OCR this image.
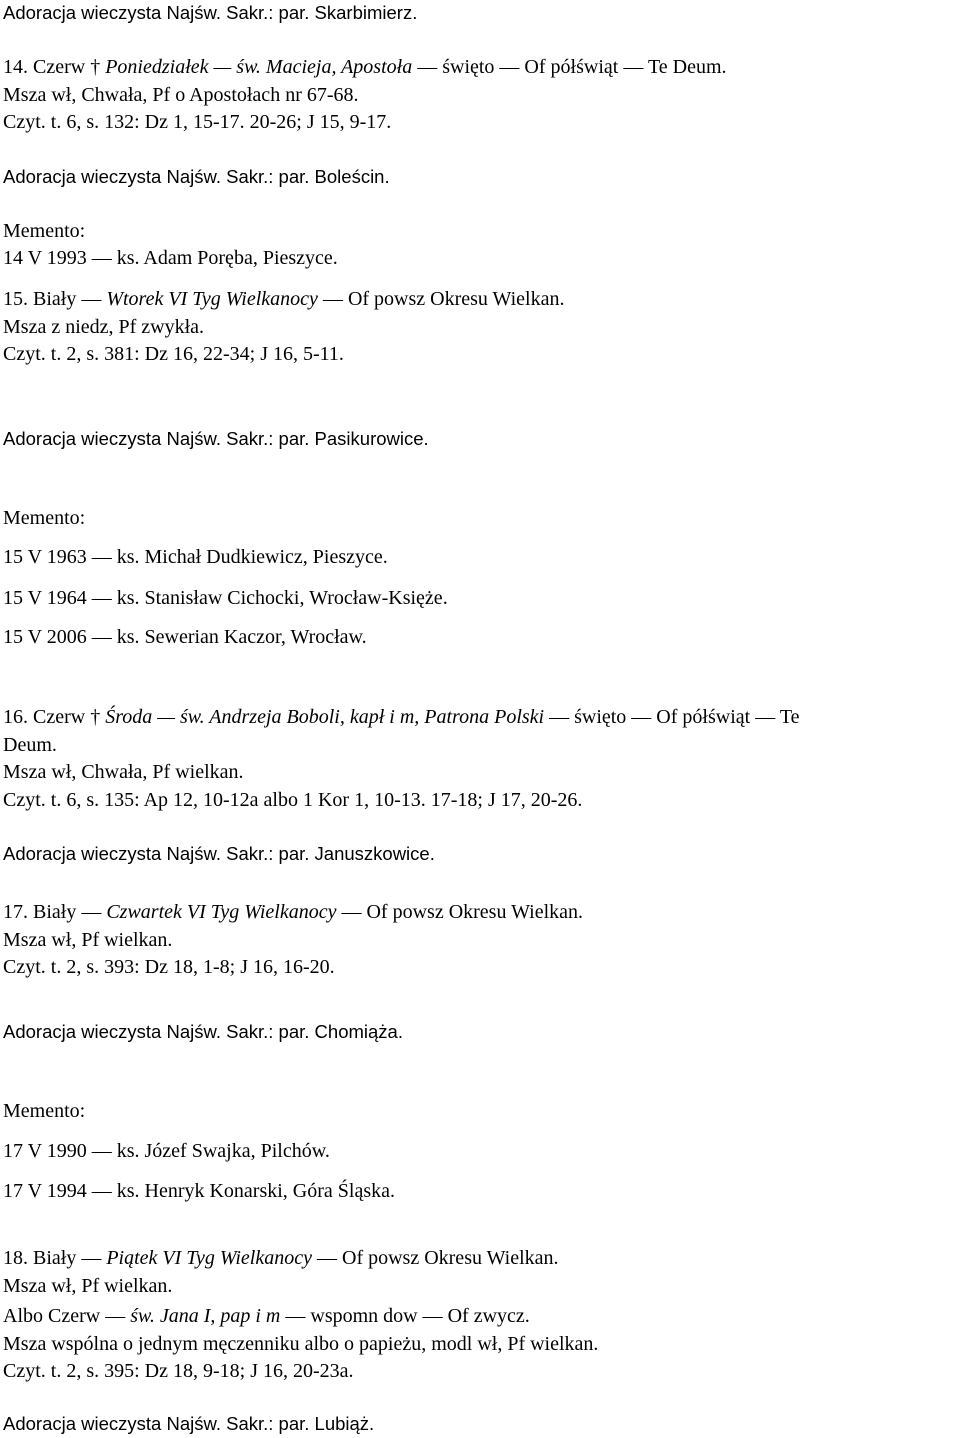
Adoracja wieczysta Najśw. Sakr.: par. Skarbimierz.
14. Czerw † Poniedziałek — św. Macieja, Apostoła — święto — Of półświąt — Te Deum.
Msza wł, Chwała, Pf o Apostołach nr 67-68.
Czyt. t. 6, s. 132: Dz 1, 15-17. 20-26; J 15, 9-17.
Adoracja wieczysta Najśw. Sakr.: par. Boleścin.
Memento:
14 V 1993 — ks. Adam Poręba, Pieszyce.
15. Biały — Wtorek VI Tyg Wielkanocy — Of powsz Okresu Wielkan.
Msza z niedz, Pf zwykła.
Czyt. t. 2, s. 381: Dz 16, 22-34; J 16, 5-11.
Adoracja wieczysta Najśw. Sakr.: par. Pasikurowice.
Memento:
15 V 1963 — ks. Michał Dudkiewicz, Pieszyce.
15 V 1964 — ks. Stanisław Cichocki, Wrocław-Księże.
15 V 2006 — ks. Sewerian Kaczor, Wrocław.
16. Czerw † Środa — św. Andrzeja Boboli, kapł i m, Patrona Polski — święto — Of półświąt — Te
Deum.
Msza wł, Chwała, Pf wielkan.
Czyt. t. 6, s. 135: Ap 12, 10-12a albo 1 Kor 1, 10-13. 17-18; J 17, 20-26.
Adoracja wieczysta Najśw. Sakr.: par. Januszkowice.
17. Biały — Czwartek VI Tyg Wielkanocy — Of powsz Okresu Wielkan.
Msza wł, Pf wielkan.
Czyt. t. 2, s. 393: Dz 18, 1-8; J 16, 16-20.
Adoracja wieczysta Najśw. Sakr.: par. Chomiąża.
Memento:
17 V 1990 — ks. Józef Swajka, Pilchów.
17 V 1994 — ks. Henryk Konarski, Góra Śląska.
18. Biały — Piątek VI Tyg Wielkanocy — Of powsz Okresu Wielkan.
Msza wł, Pf wielkan.
Albo Czerw — św. Jana I, pap i m — wspomn dow — Of zwycz.
Msza wspólna o jednym męczenniku albo o papieżu, modl wł, Pf wielkan.
Czyt. t. 2, s. 395: Dz 18, 9-18; J 16, 20-23a.
Adoracja wieczysta Najśw. Sakr.: par. Lubiąż.
